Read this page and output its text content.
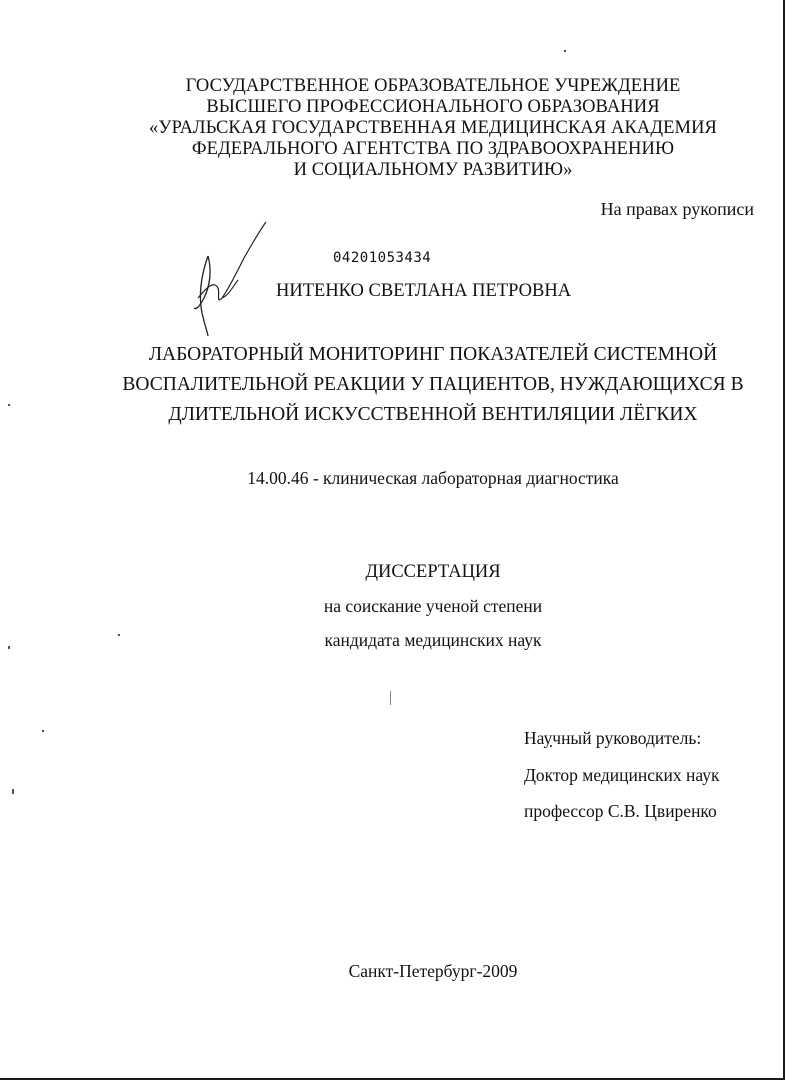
ГОСУДАРСТВЕННОЕ ОБРАЗОВАТЕЛЬНОЕ УЧРЕЖДЕНИЕ
ВЫСШЕГО ПРОФЕССИОНАЛЬНОГО ОБРАЗОВАНИЯ
«УРАЛЬСКАЯ ГОСУДАРСТВЕННАЯ МЕДИЦИНСКАЯ АКАДЕМИЯ
ФЕДЕРАЛЬНОГО АГЕНТСТВА ПО ЗДРАВООХРАНЕНИЮ
И СОЦИАЛЬНОМУ РАЗВИТИЮ»
На правах рукописи
04201053434
НИТЕНКО СВЕТЛАНА ПЕТРОВНА
ЛАБОРАТОРНЫЙ МОНИТОРИНГ ПОКАЗАТЕЛЕЙ СИСТЕМНОЙ
ВОСПАЛИТЕЛЬНОЙ РЕАКЦИИ У ПАЦИЕНТОВ, НУЖДАЮЩИХСЯ В
ДЛИТЕЛЬНОЙ ИСКУССТВЕННОЙ ВЕНТИЛЯЦИИ ЛЁГКИХ
14.00.46 - клиническая лабораторная диагностика
ДИССЕРТАЦИЯ
на соискание ученой степени
кандидата медицинских наук
Научный руководитель:
Доктор медицинских наук
профессор С.В. Цвиренко
Санкт-Петербург-2009
